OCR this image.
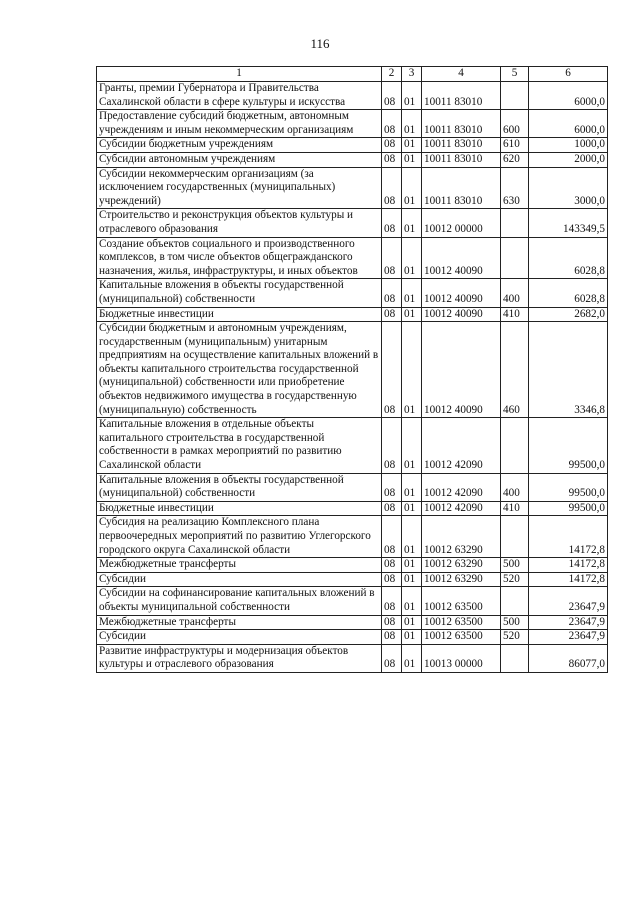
116
1	2	3	4	5	6
Гранты, премии Губернатора и Правительства Сахалинской области в сфере культуры и искусства	08	01	10011 83010		6000,0
Предоставление субсидий бюджетным, автономным учреждениям и иным некоммерческим организациям	08	01	10011 83010	600	6000,0
Субсидии бюджетным учреждениям	08	01	10011 83010	610	1000,0
Субсидии автономным учреждениям	08	01	10011 83010	620	2000,0
Субсидии некоммерческим организациям (за исключением государственных (муниципальных) учреждений)	08	01	10011 83010	630	3000,0
Строительство и реконструкция объектов культуры и отраслевого образования	08	01	10012 00000		143349,5
Создание объектов социального и производственного комплексов, в том числе объектов общегражданского назначения, жилья, инфраструктуры, и иных объектов	08	01	10012 40090		6028,8
Капитальные вложения в объекты государственной (муниципальной) собственности	08	01	10012 40090	400	6028,8
Бюджетные инвестиции	08	01	10012 40090	410	2682,0
Субсидии бюджетным и автономным учреждениям, государственным (муниципальным) унитарным предприятиям на осуществление капитальных вложений в объекты капитального строительства государственной (муниципальной) собственности или приобретение объектов недвижимого имущества в государственную (муниципальную) собственность	08	01	10012 40090	460	3346,8
Капитальные вложения в отдельные объекты капитального строительства в государственной собственности в рамках мероприятий по развитию Сахалинской области	08	01	10012 42090		99500,0
Капитальные вложения в объекты государственной (муниципальной) собственности	08	01	10012 42090	400	99500,0
Бюджетные инвестиции	08	01	10012 42090	410	99500,0
Субсидия на реализацию Комплексного плана первоочередных мероприятий по развитию Углегорского городского округа Сахалинской области	08	01	10012 63290		14172,8
Межбюджетные трансферты	08	01	10012 63290	500	14172,8
Субсидии	08	01	10012 63290	520	14172,8
Субсидии на софинансирование капитальных вложений в объекты муниципальной собственности	08	01	10012 63500		23647,9
Межбюджетные трансферты	08	01	10012 63500	500	23647,9
Субсидии	08	01	10012 63500	520	23647,9
Развитие инфраструктуры и модернизация объектов культуры и отраслевого образования	08	01	10013 00000		86077,0
